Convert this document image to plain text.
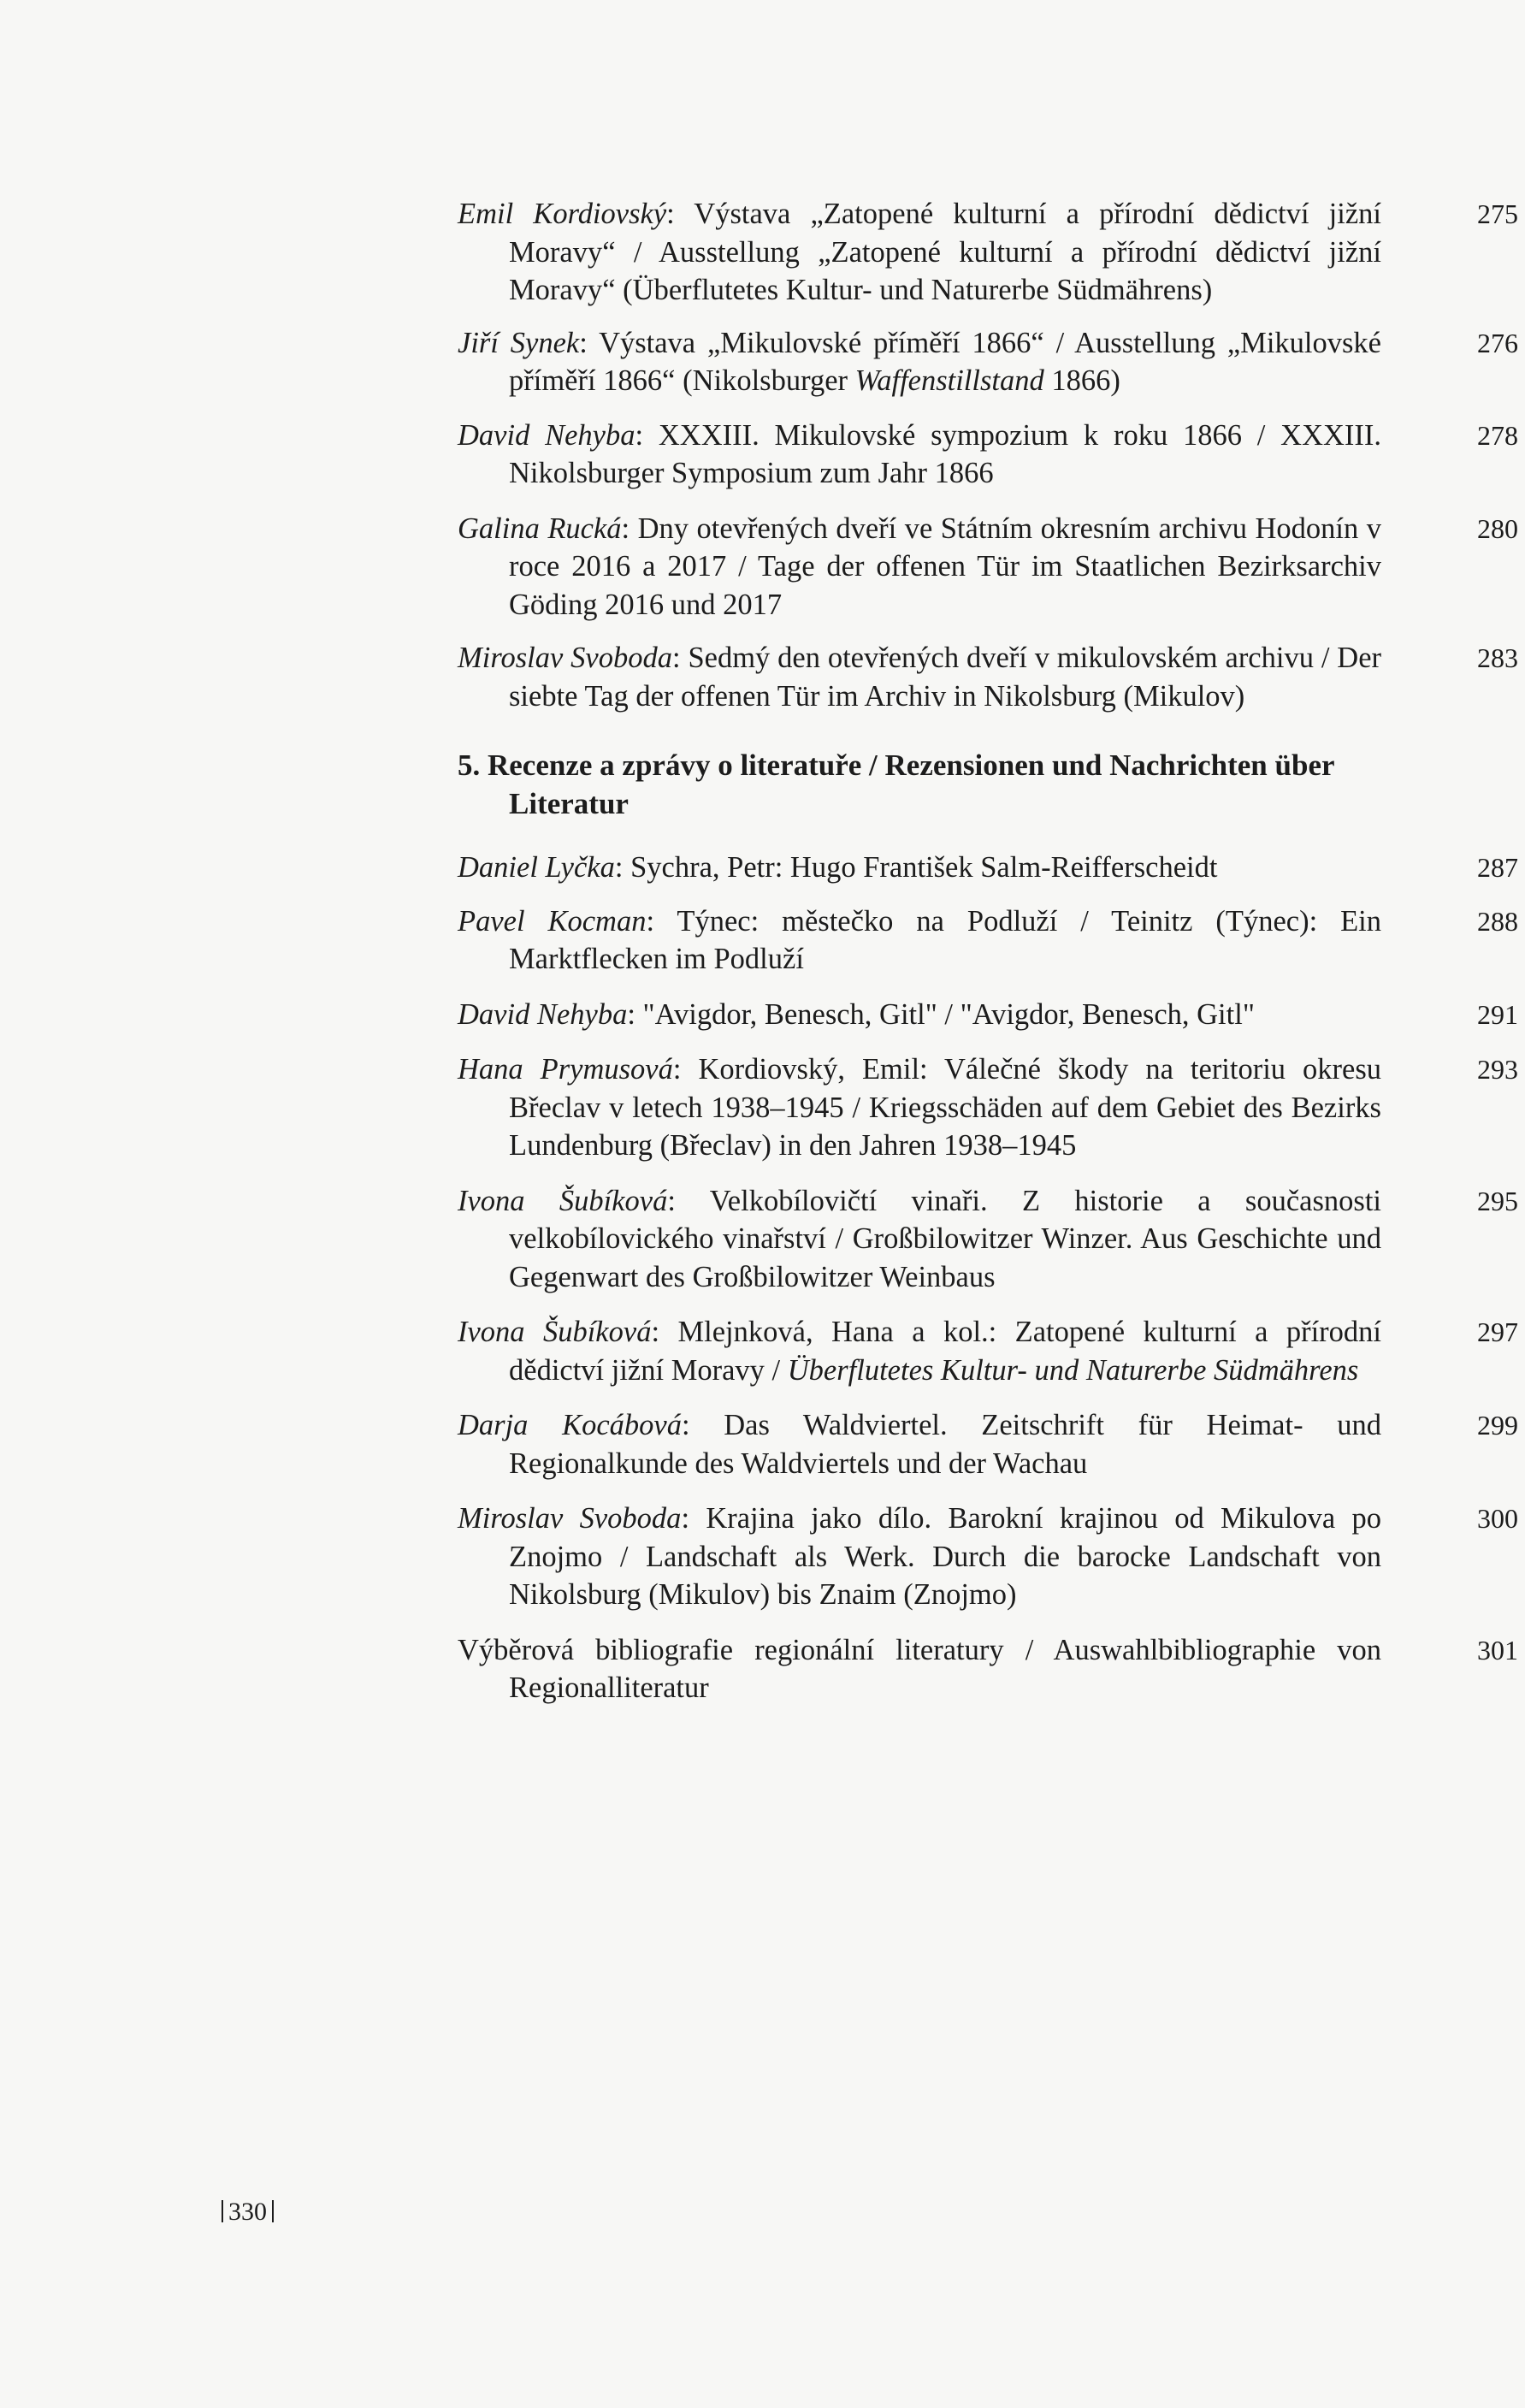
Emil Kordiovský: Výstava „Zatopené kulturní a přírodní dědictví jižní Moravy“ / Ausstellung „Zatopené kulturní a přírodní dědictví jižní Moravy“ (Überflutetes Kultur- und Naturerbe Südmährens)
275
Jiří Synek: Výstava „Mikulovské příměří 1866“ / Ausstellung „Mikulovské příměří 1866“ (Nikolsburger Waffenstillstand 1866)
276
David Nehyba: XXXIII. Mikulovské sympozium k roku 1866 / XXXIII. Nikolsburger Symposium zum Jahr 1866
278
Galina Rucká: Dny otevřených dveří ve Státním okresním archivu Hodonín v roce 2016 a 2017 / Tage der offenen Tür im Staatlichen Bezirksarchiv Göding 2016 und 2017
280
Miroslav Svoboda: Sedmý den otevřených dveří v mikulovském archivu / Der siebte Tag der offenen Tür im Archiv in Nikolsburg (Mikulov)
283
5. Recenze a zprávy o literatuře / Rezensionen und Nachrichten über Literatur
Daniel Lyčka: Sychra, Petr: Hugo František Salm-Reifferscheidt	287
Pavel Kocman: Týnec: městečko na Podluží / Teinitz (Týnec): Ein Marktflecken im Podluží
288
David Nehyba: "Avigdor, Benesch, Gitl" / "Avigdor, Benesch, Gitl"	291
Hana Prymusová: Kordiovský, Emil: Válečné škody na teritoriu okresu Břeclav v letech 1938–1945 / Kriegsschäden auf dem Gebiet des Bezirks Lundenburg (Břeclav) in den Jahren 1938–1945
293
Ivona Šubíková: Velkobílovičtí vinaři. Z historie a současnosti velkobílovického vinařství / Großbilowitzer Winzer. Aus Geschichte und Gegenwart des Großbilowitzer Weinbaus
295
Ivona Šubíková: Mlejnková, Hana a kol.: Zatopené kulturní a přírodní dědictví jižní Moravy / Überflutetes Kultur- und Naturerbe Südmährens
297
Darja Kocábová: Das Waldviertel. Zeitschrift für Heimat- und Regionalkunde des Waldviertels und der Wachau
299
Miroslav Svoboda: Krajina jako dílo. Barokní krajinou od Mikulova po Znojmo / Landschaft als Werk. Durch die barocke Landschaft von Nikolsburg (Mikulov) bis Znaim (Znojmo)
300
Výběrová bibliografie regionální literatury / Auswahlbibliographie von Regionalliteratur
301
330
